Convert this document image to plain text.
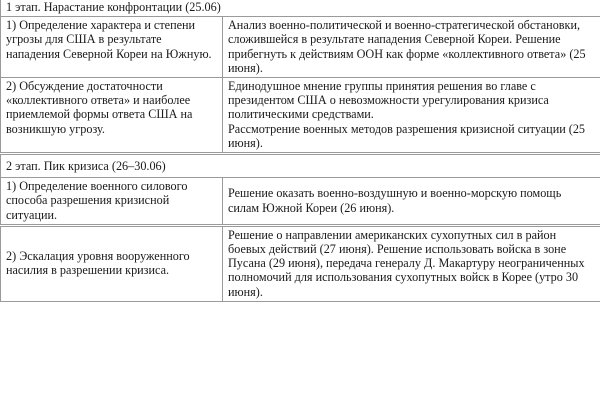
1 этап. Нарастание конфронтации (25.06)	
1) Определение характера и степени угрозы для США в результате нападения Северной Кореи на Южную.	Анализ военно-политической и военно-стратегической обстановки, сложившейся в результате нападения Северной Кореи. Решение прибегнуть к действиям ООН как форме «коллективного ответа» (25 июня).

2) Обсуждение достаточности «коллективного ответа» и наиболее приемлемой формы ответа США на возникшую угрозу.	Единодушное мнение группы принятия решения во главе с президентом США о невозможности урегулирования кризиса политическими средствами.
Рассмотрение военных методов разрешения кризисной ситуации (25 июня).

2 этап. Пик кризиса (26–30.06)	
1) Определение военного силового способа разрешения кризисной ситуации.	Решение оказать военно-воздушную и военно-морскую помощь силам Южной Кореи (26 июня).

2) Эскалация уровня вооруженного насилия в разрешении кризиса.	Решение о направлении американских сухопутных сил в район боевых действий (27 июня). Решение использовать войска в зоне Пусана (29 июня), передача генералу Д. Макартуру неограниченных полномочий для использования сухопутных войск в Корее (утро 30 июня).
